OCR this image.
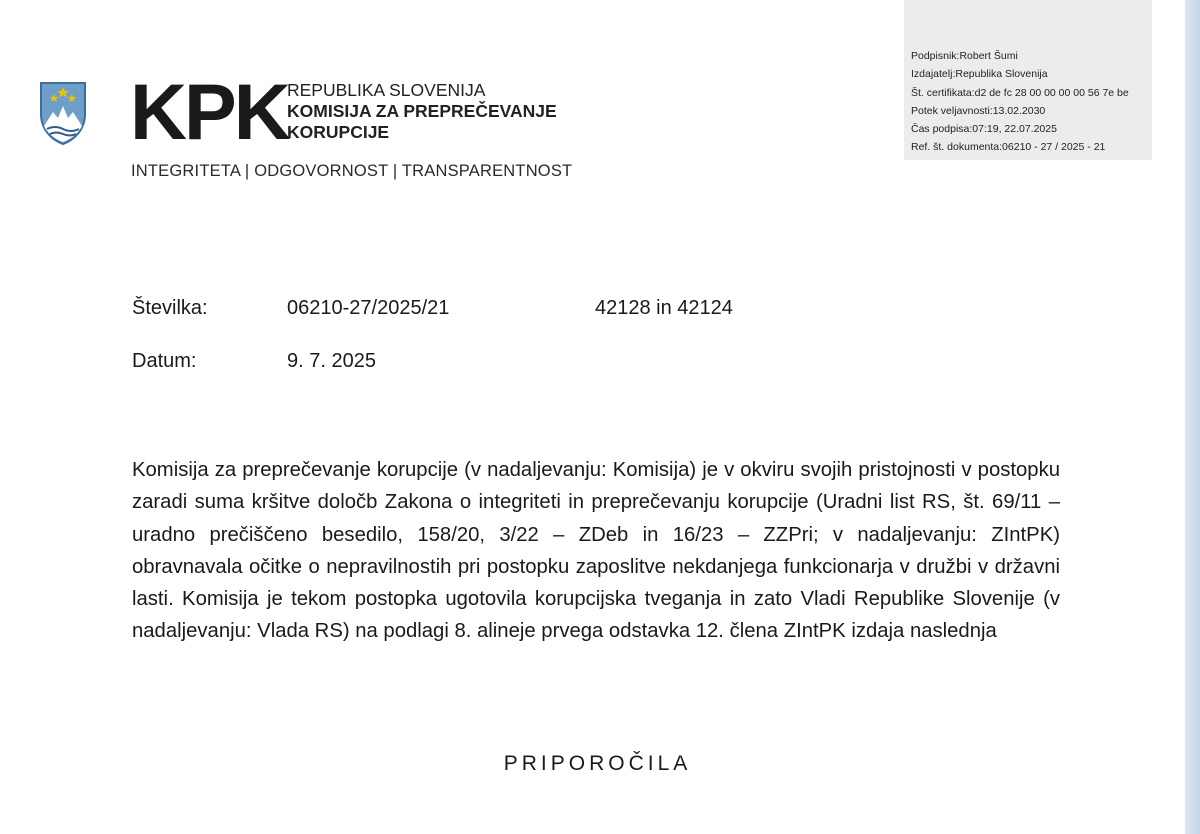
Podpisnik:Robert Šumi
Izdajatelj:Republika Slovenija
Št. certifikata:d2 de fc 28 00 00 00 00 56 7e be
Potek veljavnosti:13.02.2030
Čas podpisa:07:19, 22.07.2025
Ref. št. dokumenta:06210 - 27 / 2025 - 21
KPK REPUBLIKA SLOVENIJA
KOMISIJA ZA PREPREČEVANJE
KORUPCIJE
INTEGRITETA | ODGOVORNOST | TRANSPARENTNOST
Številka:	06210-27/2025/21	42128 in 42124
Datum:	9. 7. 2025

Komisija za preprečevanje korupcije (v nadaljevanju: Komisija) je v okviru svojih pristojnosti v postopku zaradi suma kršitve določb Zakona o integriteti in preprečevanju korupcije (Uradni list RS, št. 69/11 – uradno prečiščeno besedilo, 158/20, 3/22 – ZDeb in 16/23 – ZZPri; v nadaljevanju: ZIntPK) obravnavala očitke o nepravilnostih pri postopku zaposlitve nekdanjega funkcionarja v družbi v državni lasti. Komisija je tekom postopka ugotovila korupcijska tveganja in zato Vladi Republike Slovenije (v nadaljevanju: Vlada RS) na podlagi 8. alineje prvega odstavka 12. člena ZIntPK izdaja naslednja

PRIPOROČILA
